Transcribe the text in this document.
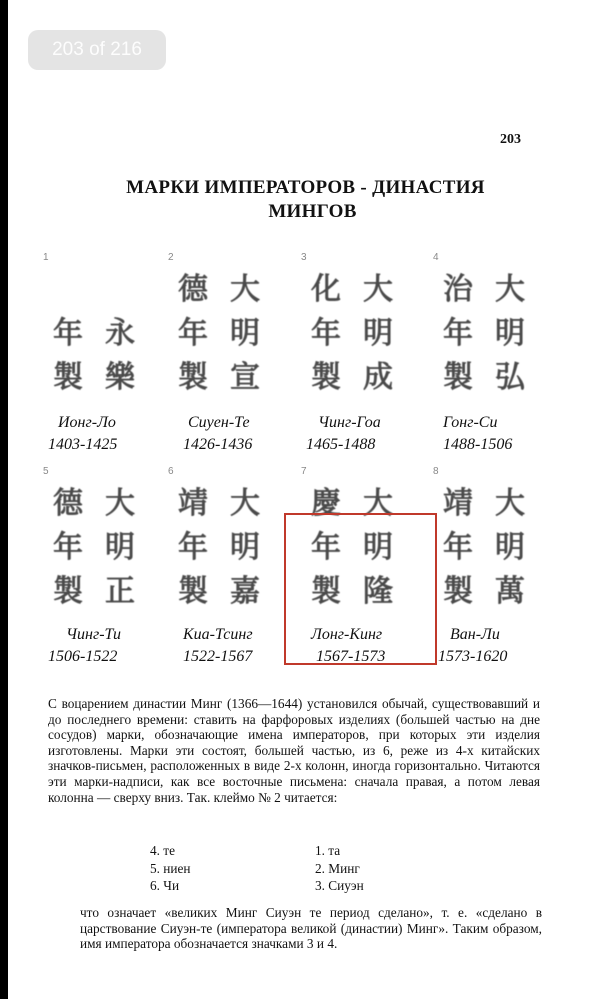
203
МАРКИ ИМПЕРАТОРОВ - ДИНАСТИЯ
МИНГОВ
1
永
樂
年
製
Ионг-Ло
1403-1425
2
大
明
宣
德
年
製
Сиуен-Те
1426-1436
3
大
明
成
化
年
製
Чинг-Гоа
1465-1488
4
大
明
弘
治
年
製
Гонг-Си
1488-1506
5
大
明
正
德
年
製
Чинг-Ти
1506-1522
6
大
明
嘉
靖
年
製
Киа-Тсинг
1522-1567
7
大
明
隆
慶
年
製
Лонг-Кинг
1567-1573
8
大
明
萬
靖
年
製
Ван-Ли
1573-1620
С воцарением династии Минг (1366—1644) установился обычай, существовавший и до последнего времени: ставить на фарфоровых изделиях (большей частью на дне сосудов) марки, обозначающие имена императоров, при которых эти изделия изготовлены. Марки эти состоят, большей частью, из 6, реже из 4-х китайских значков-письмен, расположенных в виде 2-х колонн, иногда горизонтально. Читаются эти марки-надписи, как все восточные письмена: сначала правая, а потом левая колонна — сверху вниз. Так. клеймо № 2 читается:
4. те	1. та
5. ниен	2. Минг
6. Чи	3. Сиуэн
что означает «великих Минг Сиуэн те период сделано», т. е. «сделано в царствование Сиуэн-те (императора великой (династии) Минг». Таким образом, имя императора обозначается значками 3 и 4.
203 of 216
